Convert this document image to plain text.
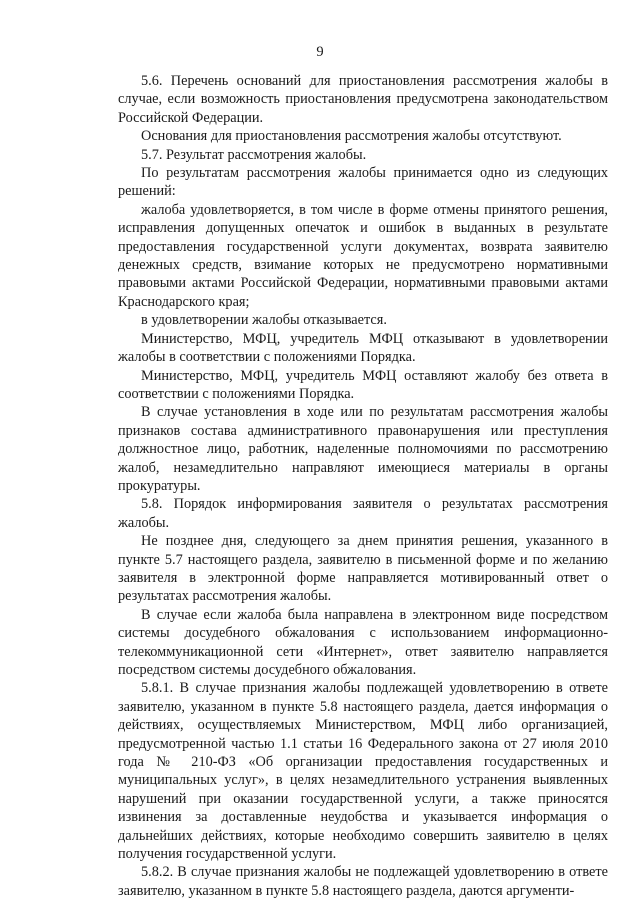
9

5.6. Перечень оснований для приостановления рассмотрения жалобы в случае, если возможность приостановления предусмотрена законодательством Российской Федерации.

Основания для приостановления рассмотрения жалобы отсутствуют.

5.7. Результат рассмотрения жалобы.

По результатам рассмотрения жалобы принимается одно из следующих решений:

жалоба удовлетворяется, в том числе в форме отмены принятого решения, исправления допущенных опечаток и ошибок в выданных в результате предоставления государственной услуги документах, возврата заявителю денежных средств, взимание которых не предусмотрено нормативными правовыми актами Российской Федерации, нормативными правовыми актами Краснодарского края;

в удовлетворении жалобы отказывается.

Министерство, МФЦ, учредитель МФЦ отказывают в удовлетворении жалобы в соответствии с положениями Порядка.

Министерство, МФЦ, учредитель МФЦ оставляют жалобу без ответа в соответствии с положениями Порядка.

В случае установления в ходе или по результатам рассмотрения жалобы признаков состава административного правонарушения или преступления должностное лицо, работник, наделенные полномочиями по рассмотрению жалоб, незамедлительно направляют имеющиеся материалы в органы прокуратуры.

5.8. Порядок информирования заявителя о результатах рассмотрения жалобы.

Не позднее дня, следующего за днем принятия решения, указанного в пункте 5.7 настоящего раздела, заявителю в письменной форме и по желанию заявителя в электронной форме направляется мотивированный ответ о результатах рассмотрения жалобы.

В случае если жалоба была направлена в электронном виде посредством системы досудебного обжалования с использованием информационно-телекоммуникационной сети «Интернет», ответ заявителю направляется посредством системы досудебного обжалования.

5.8.1. В случае признания жалобы подлежащей удовлетворению в ответе заявителю, указанном в пункте 5.8 настоящего раздела, дается информация о действиях, осуществляемых Министерством, МФЦ либо организацией, предусмотренной частью 1.1 статьи 16 Федерального закона от 27 июля 2010 года № 210-ФЗ «Об организации предоставления государственных и муниципальных услуг», в целях незамедлительного устранения выявленных нарушений при оказании государственной услуги, а также приносятся извинения за доставленные неудобства и указывается информация о дальнейших действиях, которые необходимо совершить заявителю в целях получения государственной услуги.

5.8.2. В случае признания жалобы не подлежащей удовлетворению в ответе заявителю, указанном в пункте 5.8 настоящего раздела, даются аргументи-
